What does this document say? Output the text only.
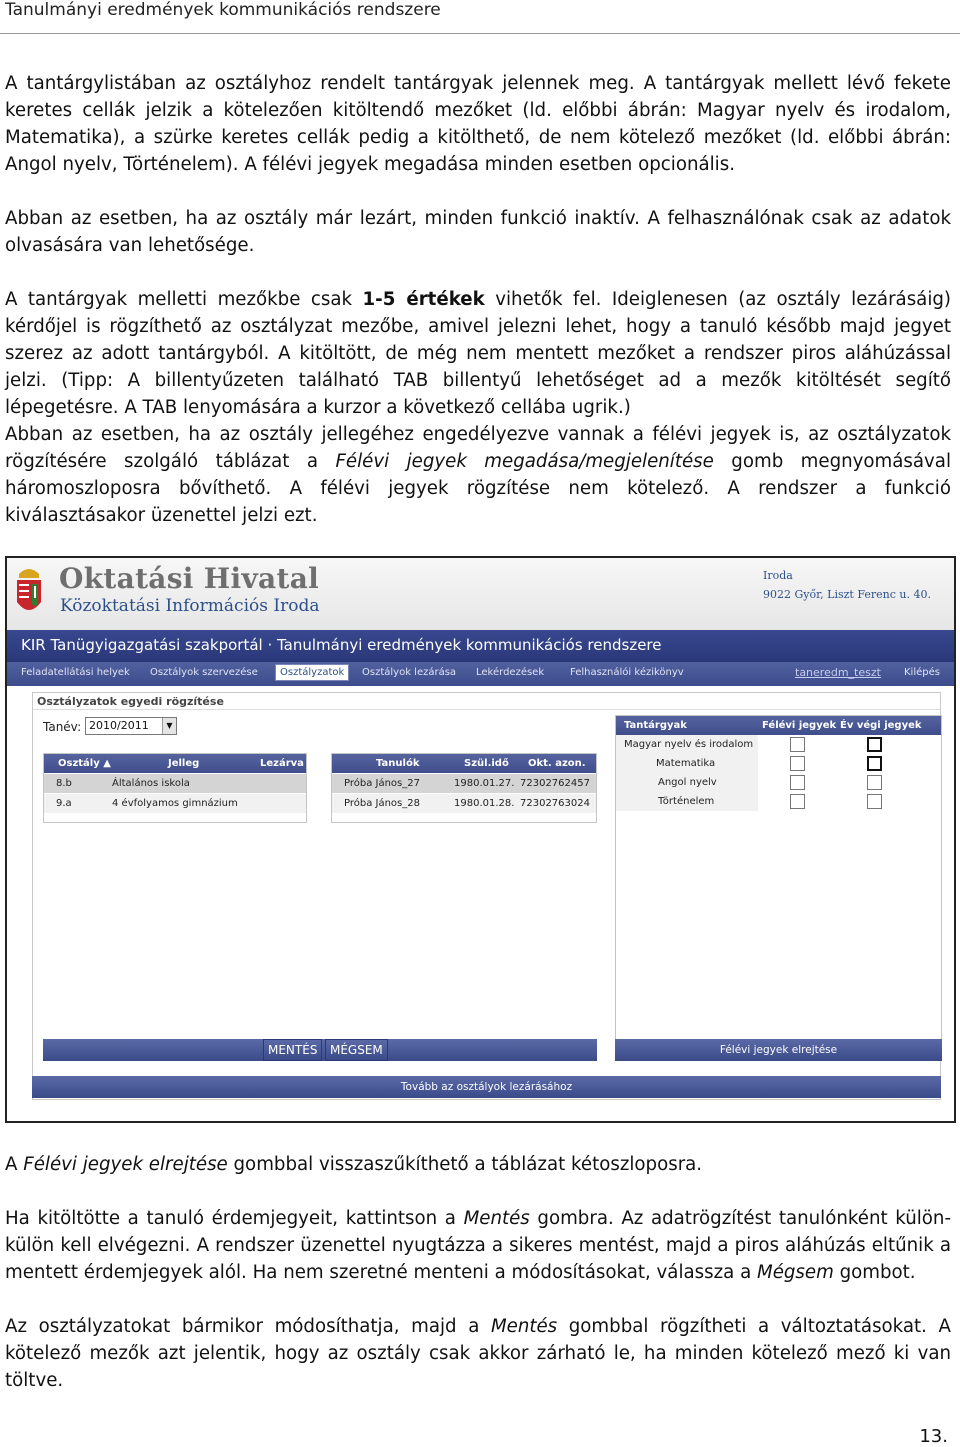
Tanulmányi eredmények kommunikációs rendszere
A tantárgylistában az osztályhoz rendelt tantárgyak jelennek meg. A tantárgyak mellett lévő fekete keretes cellák jelzik a kötelezően kitöltendő mezőket (ld. előbbi ábrán: Magyar nyelv és irodalom, Matematika), a szürke keretes cellák pedig a kitölthető, de nem kötelező mezőket (ld. előbbi ábrán: Angol nyelv, Történelem). A félévi jegyek megadása minden esetben opcionális.
Abban az esetben, ha az osztály már lezárt, minden funkció inaktív. A felhasználónak csak az adatok olvasására van lehetősége.
A tantárgyak melletti mezőkbe csak 1-5 értékek vihetők fel. Ideiglenesen (az osztály lezárásáig) kérdőjel is rögzíthető az osztályzat mezőbe, amivel jelezni lehet, hogy a tanuló később majd jegyet szerez az adott tantárgyból. A kitöltött, de még nem mentett mezőket a rendszer piros aláhúzással jelzi. (Tipp: A billentyűzeten található TAB billentyű lehetőséget ad a mezők kitöltését segítő lépegetésre. A TAB lenyomására a kurzor a következő cellába ugrik.)
Abban az esetben, ha az osztály jellegéhez engedélyezve vannak a félévi jegyek is, az osztályzatok rögzítésére szolgáló táblázat a Félévi jegyek megadása/megjelenítése gomb megnyomásával háromoszloposra bővíthető. A félévi jegyek rögzítése nem kötelező. A rendszer a funkció kiválasztásakor üzenettel jelzi ezt.
Oktatási Hivatal
Közoktatási Információs Iroda
Iroda
9022 Győr, Liszt Ferenc u. 40.
KIR Tanügyigazgatási szakportál · Tanulmányi eredmények kommunikációs rendszere
Feladatellátási helyek Osztályok szervezése	Osztályzatok	Osztályok lezárása Lekérdezések	Felhasználói kézikönyv	taneredm_teszt Kilépés
Osztályzatok egyedi rögzítése
Tanév: 2010/2011	▼
Osztály ▲	Jelleg	Lezárva
8.b	Általános iskola
9.a	4 évfolyamos gimnázium
Tanulók	Szül.idő Okt. azon.
Próba János_27	1980.01.27. 72302762457
Próba János_28	1980.01.28. 72302763024
Tantárgyak	Félévi jegyek Év végi jegyek
Magyar nyelv és irodalom
Matematika
Angol nyelv
Történelem
MENTÉS	MÉGSEM	Félévi jegyek elrejtése
Tovább az osztályok lezárásához
A Félévi jegyek elrejtése gombbal visszaszűkíthető a táblázat kétoszloposra.
Ha kitöltötte a tanuló érdemjegyeit, kattintson a Mentés gombra. Az adatrögzítést tanulónként külön-külön kell elvégezni. A rendszer üzenettel nyugtázza a sikeres mentést, majd a piros aláhúzás eltűnik a mentett érdemjegyek alól. Ha nem szeretné menteni a módosításokat, válassza a Mégsem gombot.
Az osztályzatokat bármikor módosíthatja, majd a Mentés gombbal rögzítheti a változtatásokat. A kötelező mezők azt jelentik, hogy az osztály csak akkor zárható le, ha minden kötelező mező ki van töltve.
13.
